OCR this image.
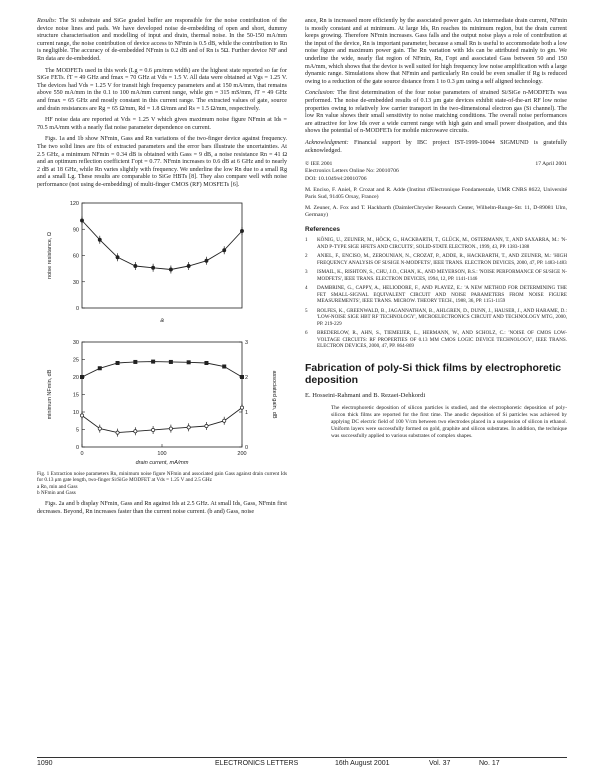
Results: The Si substrate and SiGe graded buffer are responsible for the noise contribution of the device noise lines and pads. We have developed noise de-embedding of open and short, dummy structure characterisation and modelling of input and drain, thermal noise. In the 50-150 mA/mm current range, the noise contribution of device access to NFmin is 0.5 dB, while the contribution to Rn is negligible. The accuracy of de-embedded NFmin is 0.2 dB and of Rn is 5Ω. Further device NF and Rn data are de-embedded.

The MODFETs used in this work (Lg = 0.6 μm/mm width) are the highest state reported so far for SiGe FETs. fT = 49 GHz and fmax = 70 GHz at Vds = 1.5 V. All data were obtained at Vgs = 1.25 V. The devices had Vds = 1.25 V for transit high frequency parameters and at 150 mA/mm, that remains above 550 mA/mm in the 0.1 to 100 mA/mm current range, while gm = 315 mS/mm, fT = 49 GHz and fmax = 65 GHz and mostly constant in this current range. The extracted values of gate, source and drain resistances are Rg = 65 Ω/mm, Rd = 1.8 Ω/mm and Rs = 1.5 Ω/mm, respectively.

HF noise data are reported at Vds = 1.25 V which gives maximum noise figure NFmin at Ids = 70.5 mA/mm with a nearly flat noise parameter dependence on current.

Figs. 1a and 1b show NFmin, Gass and Rn variations of the two-finger device against frequency. The two solid lines are fits of extracted parameters and the error bars illustrate the uncertainties. At 2.5 GHz, a minimum NFmin = 0.34 dB is obtained with Gass = 9 dB, a noise resistance Rn = 41 Ω and an optimum reflection coefficient Γopt = 0.77. NFmin increases to 0.6 dB at 6 GHz and to nearly 2 dB at 18 GHz, while Rn varies slightly with frequency. We underline the low Rn due to a small Rg and a small Lg. These results are comparable to SiGe HBTs [8]. They also compare well with noise performance (not using de-embedding) of multi-finger CMOS (RF) MOSFETs [6].

120
90
60
30
0
noise resistance, Ω
a

30
25
20
15
10
5
0
3
2
1
0
0	100	200
minimum NFmin, dB	associated gain, dB
drain current, mA/mm
Fig. 1 Extraction noise parameters Rn, minimum noise figure NFmin and associated gain Gass against drain current Ids for 0.13 μm gate length, two-finger Si/SiGe MODFET at Vds = 1.25 V and 2.5 GHz
a Rn, min and Gass
b NFmin and Gass

Figs. 2a and b display NFmin, Gass and Rn against Ids at 2.5 GHz. At small Ids, Gass, NFmin first decreases. Beyond, Rn increases faster than the current noise current. (b and) Gass, noise

ance, Rn is increased more efficiently by the associated power gain. An intermediate drain current, NFmin is mostly constant and at minimum. At large Ids, Rn reaches its minimum region, but the drain current keeps growing. Therefore NFmin increases. Gass falls and the output noise plays a role of contribution at the input of the device, Rn is important parameter, because a small Rn is useful to accommodate both a low noise figure and maximum power gain. The Rn variation with Ids can be attributed mainly to gm. We underline the wide, nearly flat region of NFmin, Rn, Γopt and associated Gass between 50 and 150 mA/mm, which shows that the device is well suited for high frequency low noise amplification with a large dynamic range. Simulations show that NFmin and particularly Rn could be even smaller if Rg is reduced owing to a reduction of the gate source distance from 1 to 0.3 μm using a self aligned technology.

Conclusion: The first determination of the four noise parameters of strained Si/SiGe n-MODFETs was performed. The noise de-embedded results of 0.13 μm gate devices exhibit state-of-the-art RF low noise properties owing to relatively low carrier transport in the two-dimensional electron gas (Si channel). The low Rn value shows their small sensitivity to noise matching conditions. The overall noise performances are attractive for low Ids over a wide current range with high gain and small power dissipation, and this shows the potential of n-MODFETs for mobile microwave circuits.

Acknowledgment: Financial support by IBC project IST-1999-10044 SIGMUND is gratefully acknowledged.

© IEE 2001	17 April 2001
Electronics Letters Online No: 20010706
DOI: 10.1049/el:20010706
M. Enciso, F. Aniel, P. Crozat and R. Adde (Institut d'Electronique Fondamentale, UMR CNRS 8622, Université Paris Sud, 91405 Orsay, France)
M. Zeuner, A. Fox and T. Hackbarth (DaimlerChrysler Research Center, Wilhelm-Runge-Str. 11, D-89081 Ulm, Germany)
References
1	KÖNIG, U., ZEUNER, M., HÖCK, G., HACKBARTH, T., GLÜCK, M., OSTERMANN, T., AND SAXARRA, M.: 'N- AND P-TYPE SIGE HFETS AND CIRCUITS', SOLID-STATE ELECTRON., 1999, 43, PP. 1383-1388
2	ANIEL, F., ENCISO, M., ZEROUNIAN, N., CROZAT, P., ADDE, R., HACKBARTH, T., AND ZEUNER, M.: 'HIGH FREQUENCY ANALYSIS OF SI/SIGE N-MODFETS', IEEE TRANS. ELECTRON DEVICES, 2000, 47, PP. 1483-1483
3	ISMAIL, K., RISHTON, S., CHU, J.O., CHAN, K., AND MEYERSON, B.S.: 'NOISE PERFORMANCE OF SI/SIGE N-MODFETS', IEEE TRANS. ELECTRON DEVICES, 1994, 12, PP. 1141-1146
4	DAMBRINE, G., CAPPY, A., HELIODORE, F., AND PLAYEZ, E.: 'A NEW METHOD FOR DETERMINING THE FET SMALL-SIGNAL EQUIVALENT CIRCUIT AND NOISE PARAMETERS FROM NOISE FIGURE MEASUREMENTS', IEEE TRANS. MICROW. THEORY TECH., 1988, 36, PP. 1151-1159
5	ROLFES, K., GREENWALD, B., JAGANNATHAN, B., AHLGREN, D., DUNN, J., HAUSER, J., AND HARAME, D.: 'LOW-NOISE SIGE HBT RF TECHNOLOGY', MICROELECTRONICS CIRCUIT AND TECHNOLOGY MTG, 2000, PP. 219-229
6	BREDERLOW, R., AHN, S., TIEMEIJER, L., HERMANN, W., AND SCHOLZ, C.: 'NOISE OF CMOS LOW-VOLTAGE CIRCUITS: RF PROPERTIES OF 0.13 ΜM CMOS LOGIC DEVICE TECHNOLOGY', IEEE TRANS. ELECTRON DEVICES, 2000, 47, PP. 864-869
Fabrication of poly-Si thick films by electrophoretic deposition
E. Hosseini-Rahmani and B. Rezaei-Dehkordi
The electrophoretic deposition of silicon particles is studied, and the electrophoretic deposition of poly-silicon thick films are reported for the first time. The anodic deposition of Si particles was achieved by applying DC electric field of 100 V/cm between two electrodes placed in a suspension of silicon in ethanol. Uniform layers were successfully formed on gold, graphite and silicon substrates. In addition, the technique was successfully applied to various substrates of complex shapes.
1090	ELECTRONICS LETTERS	16th August 2001	Vol. 37	No. 17
